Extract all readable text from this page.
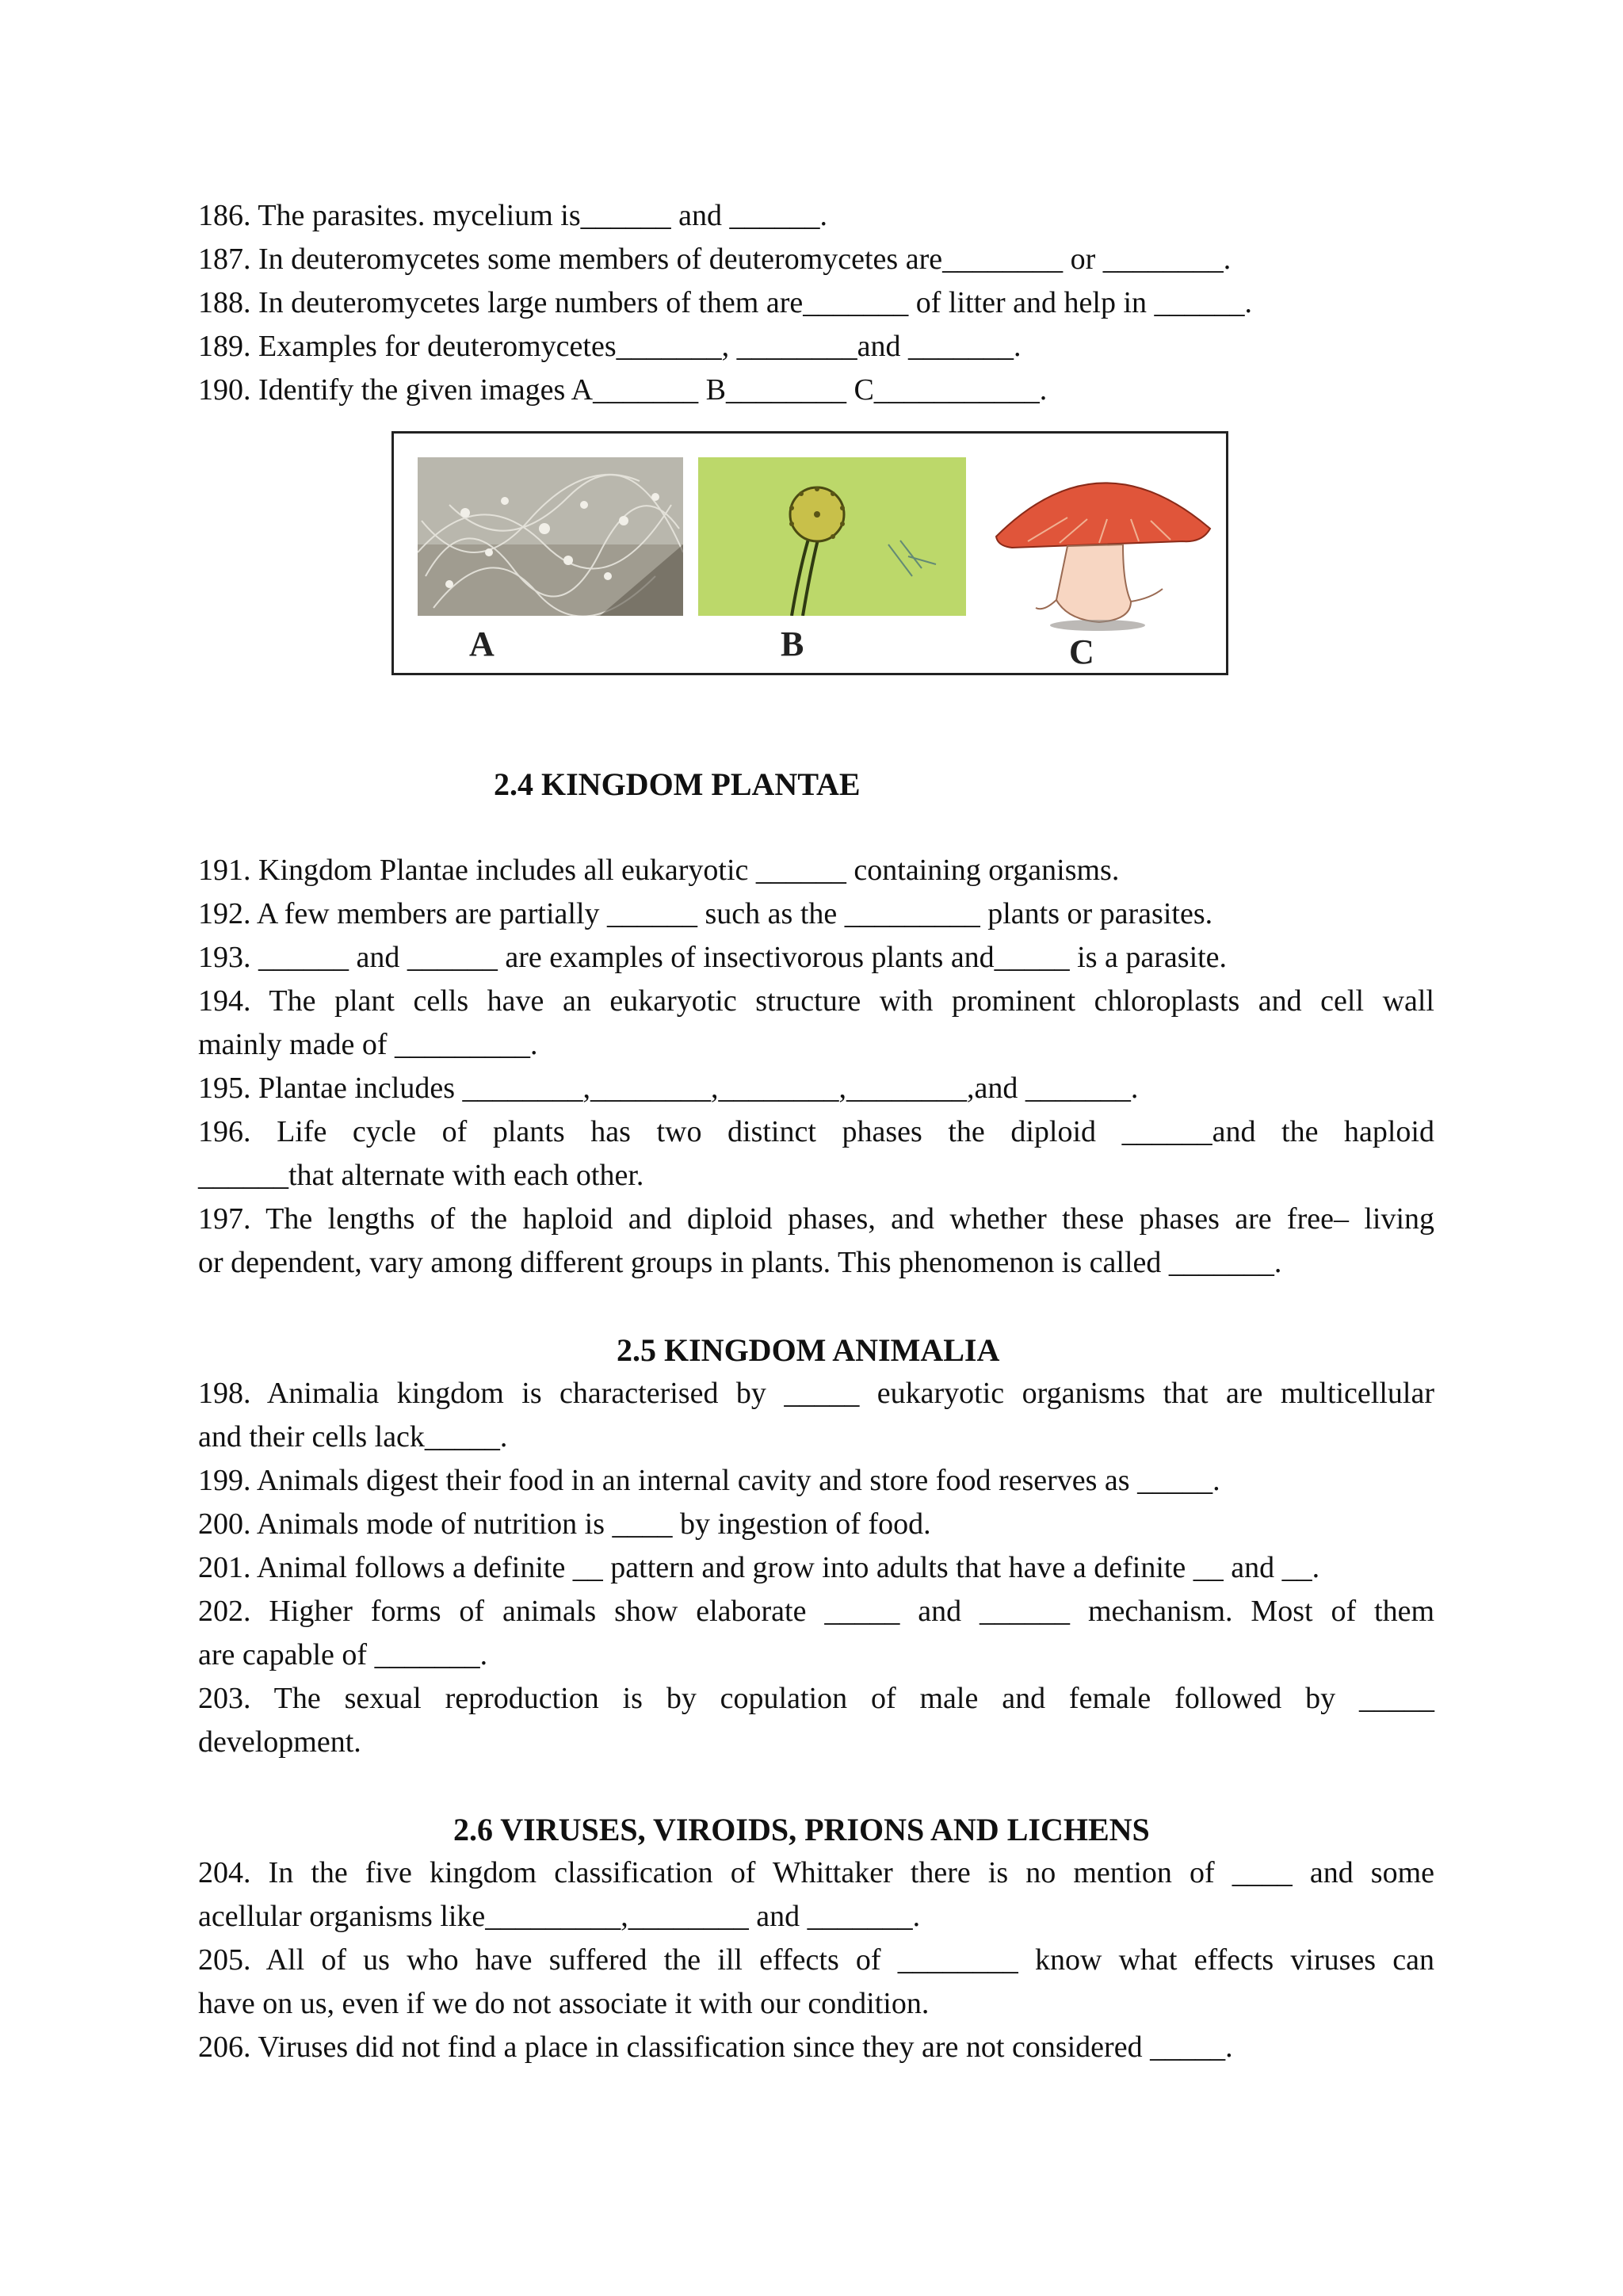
186. The parasites. mycelium is______ and ______.
187. In deuteromycetes some members of deuteromycetes are________ or ________.
188. In deuteromycetes large numbers of them are_______ of litter and help in ______.
189. Examples for deuteromycetes_______, ________and _______.
190. Identify the given images A_______ B________ C___________.
A	B	C
2.4 KINGDOM PLANTAE
191. Kingdom Plantae includes all eukaryotic ______ containing organisms.
192. A few members are partially ______ such as the _________ plants or parasites.
193. ______ and ______ are examples of insectivorous plants and_____ is a parasite.
194. The plant cells have an eukaryotic structure with prominent chloroplasts and cell wall
mainly made of _________.
195. Plantae includes ________,________,________,________,and _______.
196. Life cycle of plants has two distinct phases the diploid ______and the haploid
______that alternate with each other.
197. The lengths of the haploid and diploid phases, and whether these phases are free– living
or dependent, vary among different groups in plants. This phenomenon is called _______.
2.5 KINGDOM ANIMALIA
198. Animalia kingdom is characterised by _____ eukaryotic organisms that are multicellular
and their cells lack_____.
199. Animals digest their food in an internal cavity and store food reserves as _____.
200. Animals mode of nutrition is ____ by ingestion of food.
201. Animal follows a definite __ pattern and grow into adults that have a definite __ and __.
202. Higher forms of animals show elaborate _____ and ______ mechanism. Most of them
are capable of _______.
203. The sexual reproduction is by copulation of male and female followed by _____
development.
2.6 VIRUSES, VIROIDS, PRIONS AND LICHENS
204. In the five kingdom classification of Whittaker there is no mention of ____ and some
acellular organisms like_________,________ and _______.
205. All of us who have suffered the ill effects of ________ know what effects viruses can
have on us, even if we do not associate it with our condition.
206. Viruses did not find a place in classification since they are not considered _____.
